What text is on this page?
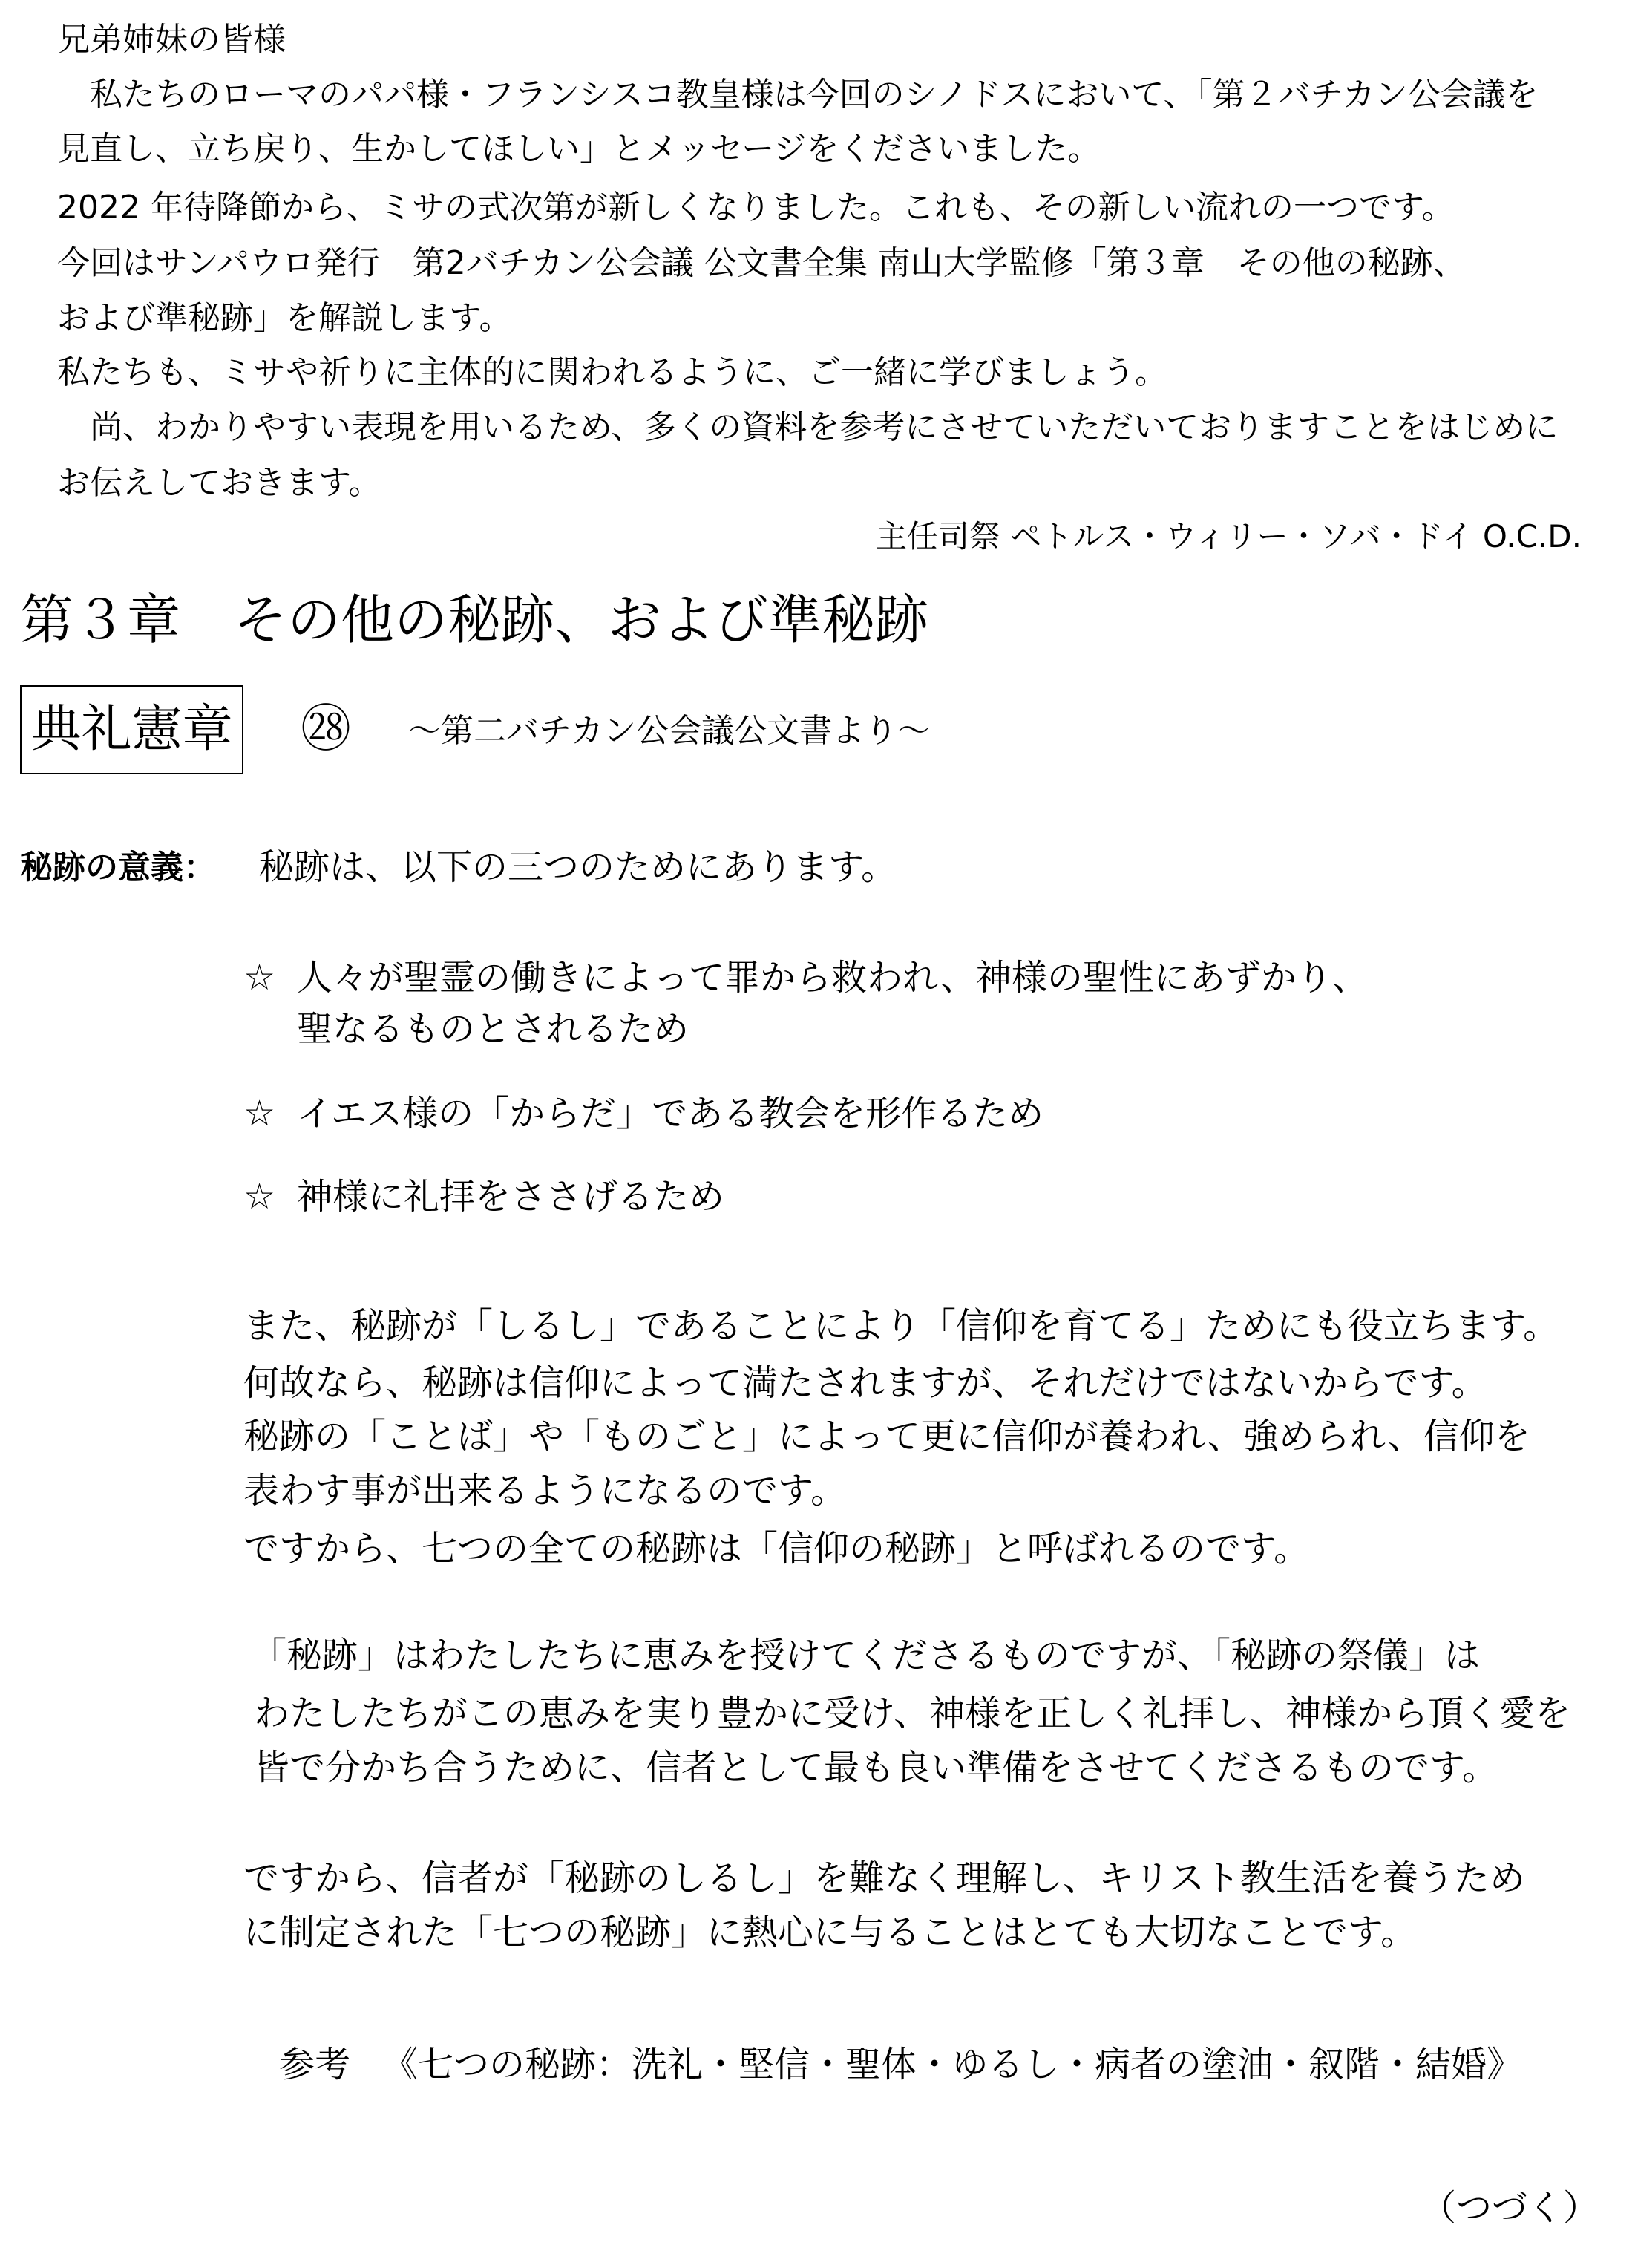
兄弟姉妹の皆様
　私たちのローマのパパ様・フランシスコ教皇様は今回のシノドスにおいて、「第２バチカン公会議を
見直し、立ち戻り、生かしてほしい」とメッセージをくださいました。
2022 年待降節から、ミサの式次第が新しくなりました。これも、その新しい流れの一つです。
今回はサンパウロ発行　第2バチカン公会議 公文書全集 南山大学監修「第３章　その他の秘跡、
および準秘跡」を解説します。
私たちも、ミサや祈りに主体的に関われるように、ご一緒に学びましょう。
　尚、わかりやすい表現を用いるため、多くの資料を参考にさせていただいておりますことをはじめに
お伝えしておきます。
主任司祭 ペトルス・ウィリー・ソバ・ドイ O.C.D.
第３章　その他の秘跡、および準秘跡
典礼憲章 ㉘ ～第二バチカン公会議公文書より～
秘跡の意義： 秘跡は、以下の三つのためにあります。
☆ 人々が聖霊の働きによって罪から救われ、神様の聖性にあずかり、
聖なるものとされるため
☆ イエス様の「からだ」である教会を形作るため
☆ 神様に礼拝をささげるため
また、秘跡が「しるし」であることにより「信仰を育てる」ためにも役立ちます。
何故なら、秘跡は信仰によって満たされますが、それだけではないからです。
秘跡の「ことば」や「ものごと」によって更に信仰が養われ、強められ、信仰を
表わす事が出来るようになるのです。
ですから、七つの全ての秘跡は「信仰の秘跡」と呼ばれるのです。
「秘跡」はわたしたちに恵みを授けてくださるものですが、「秘跡の祭儀」は
わたしたちがこの恵みを実り豊かに受け、神様を正しく礼拝し、神様から頂く愛を
皆で分かち合うために、信者として最も良い準備をさせてくださるものです。
ですから、信者が「秘跡のしるし」を難なく理解し、キリスト教生活を養うため
に制定された「七つの秘跡」に熱心に与ることはとても大切なことです。
参考 《七つの秘跡：洗礼・堅信・聖体・ゆるし・病者の塗油・叙階・結婚》
（つづく）
